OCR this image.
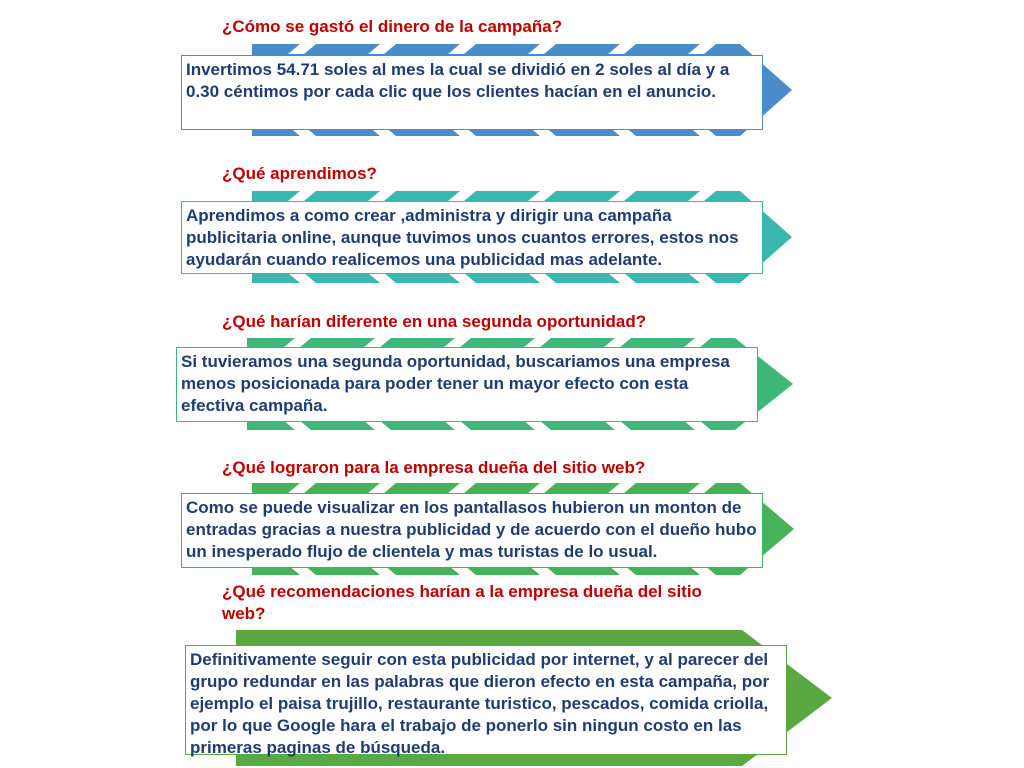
¿Cómo se gastó el dinero de la campaña?
Invertimos 54.71 soles al mes la cual se dividió en 2 soles al día y a 0.30 céntimos por cada clic que los clientes hacían en el anuncio.
¿Qué aprendimos?
Aprendimos a como crear ,administra y dirigir una campaña publicitaria online, aunque tuvimos unos cuantos errores, estos nos ayudarán cuando realicemos una publicidad mas adelante.
¿Qué harían diferente en una segunda oportunidad?
Si tuvieramos una segunda oportunidad, buscariamos una empresa menos posicionada para poder tener un mayor efecto con esta efectiva campaña.
¿Qué lograron para la empresa dueña del sitio web?
Como se puede visualizar en los pantallasos hubieron un monton de entradas gracias a nuestra publicidad y de acuerdo con el dueño hubo un inesperado flujo de clientela y mas turistas de lo usual.
¿Qué recomendaciones harían a la empresa dueña del sitio web?
Definitivamente seguir con esta publicidad por internet, y al parecer del grupo redundar en las palabras que dieron efecto en esta campaña, por ejemplo el paisa trujillo, restaurante turistico, pescados, comida criolla, por lo que Google hara el trabajo de ponerlo sin ningun costo en las primeras paginas de búsqueda.
